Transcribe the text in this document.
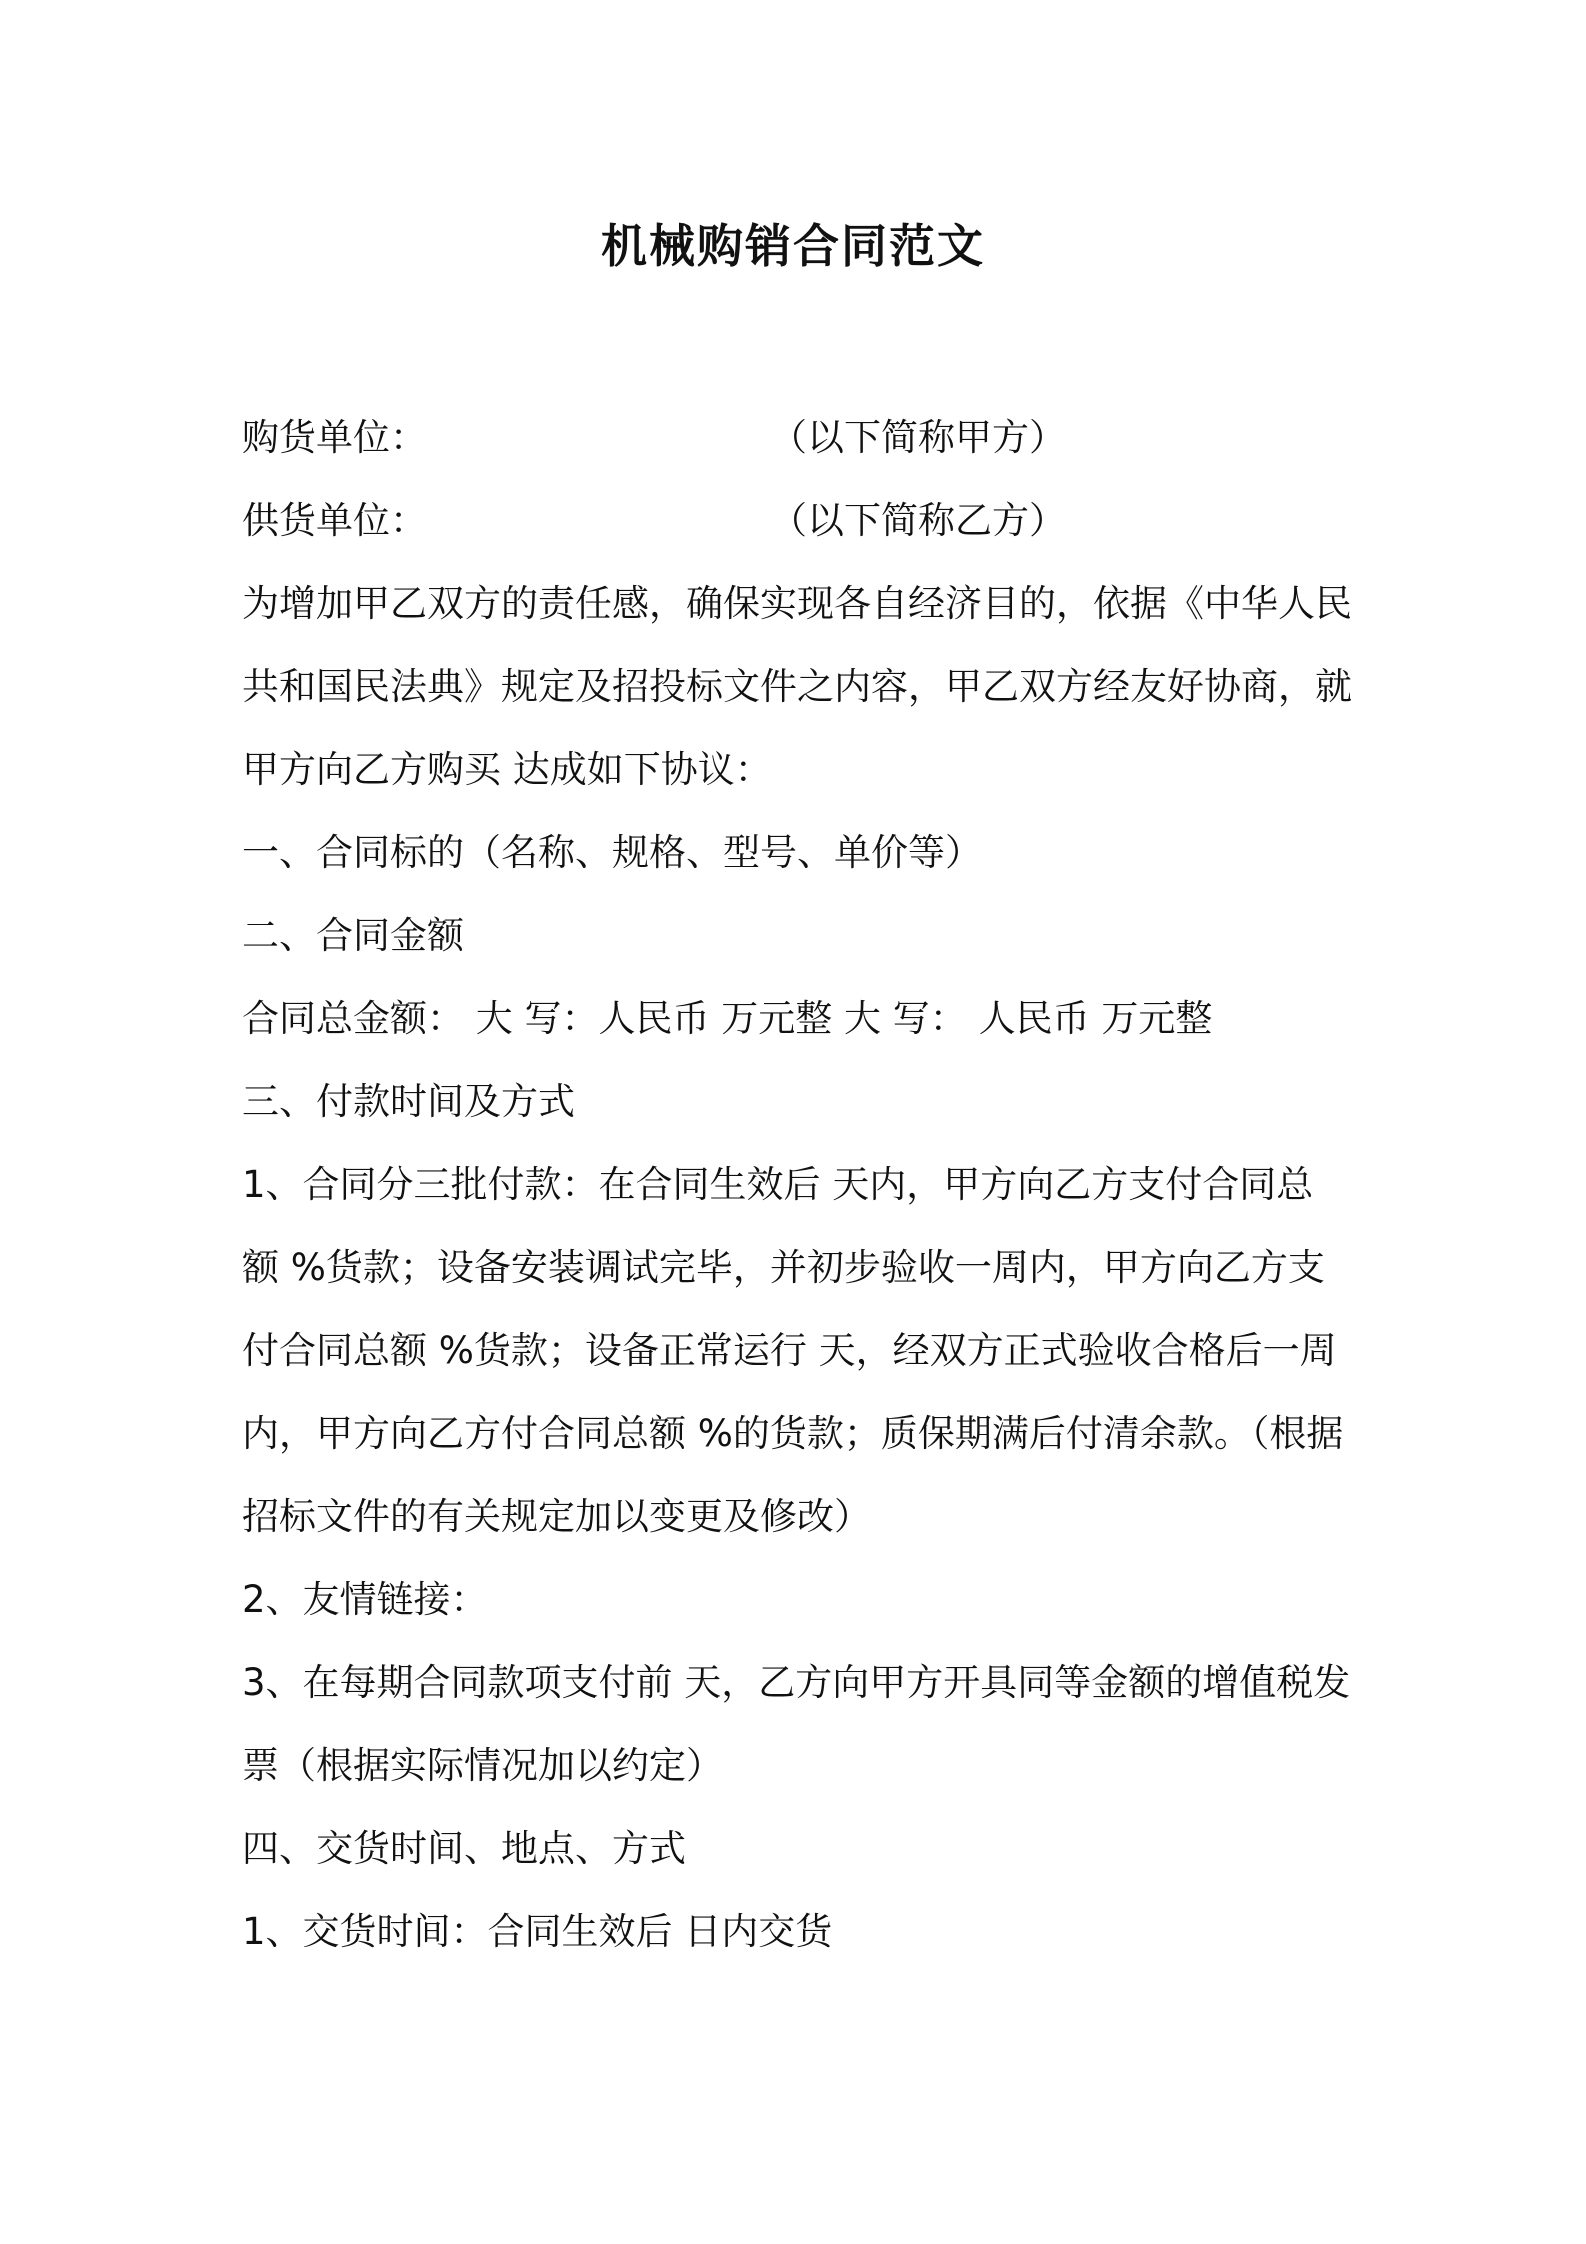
机械购销合同范文
购货单位：	（以下简称甲方）
供货单位：	（以下简称乙方）
为增加甲乙双方的责任感，确保实现各自经济目的，依据《中华人民
共和国民法典》规定及招投标文件之内容，甲乙双方经友好协商，就
甲方向乙方购买 达成如下协议：
一、合同标的（名称、规格、型号、单价等）
二、合同金额
合同总金额： 大 写：人民币 万元整 大 写： 人民币 万元整
三、付款时间及方式
1、合同分三批付款：在合同生效后 天内，甲方向乙方支付合同总
额 %货款；设备安装调试完毕，并初步验收一周内，甲方向乙方支
付合同总额 %货款；设备正常运行 天，经双方正式验收合格后一周
内，甲方向乙方付合同总额 %的货款；质保期满后付清余款。（根据
招标文件的有关规定加以变更及修改）
2、友情链接：
3、在每期合同款项支付前 天，乙方向甲方开具同等金额的增值税发
票（根据实际情况加以约定）
四、交货时间、地点、方式
1、交货时间：合同生效后 日内交货
